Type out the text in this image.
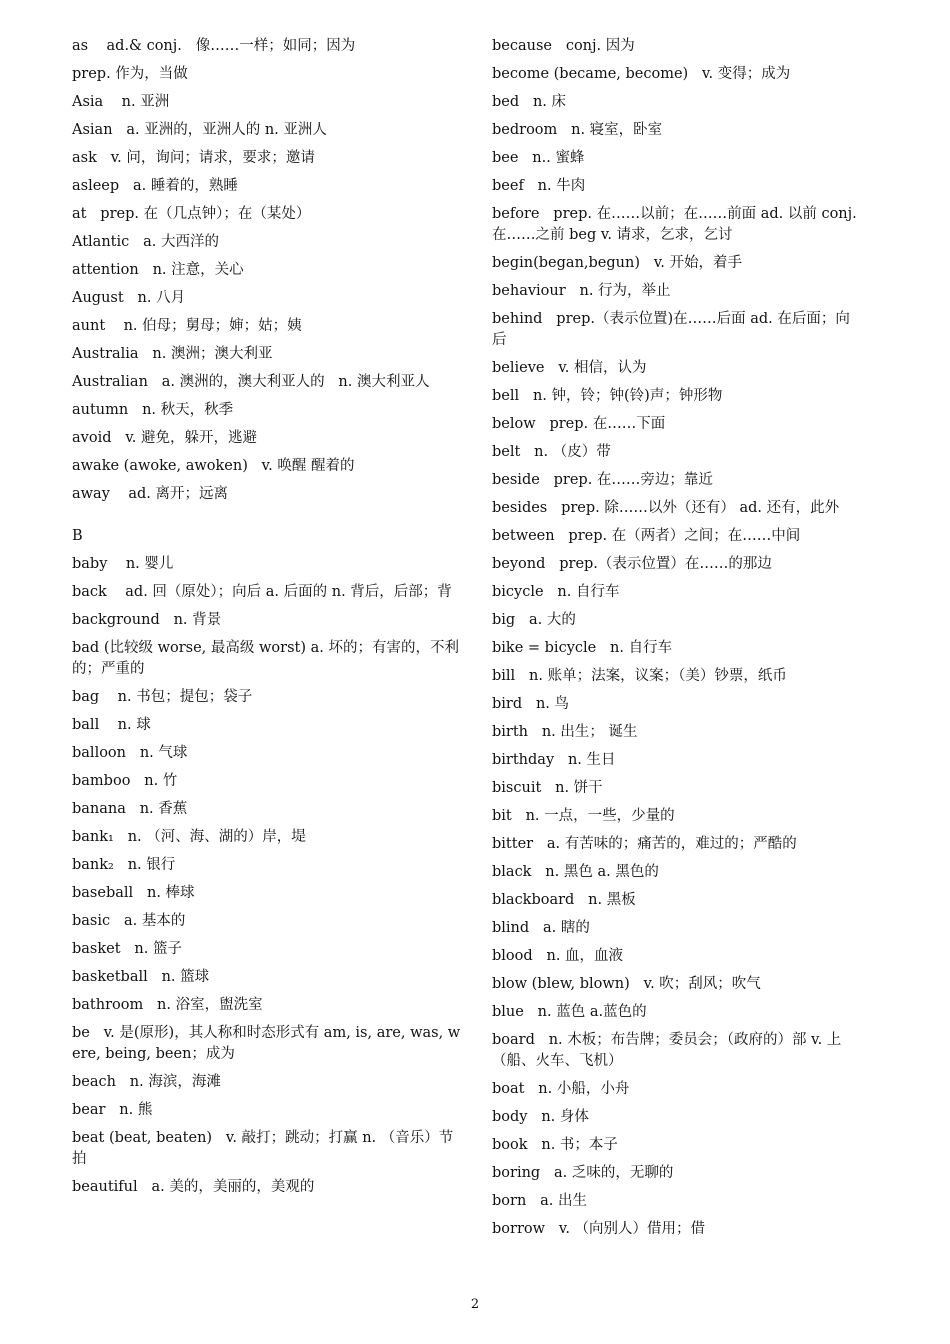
as    ad.& conj.   像……一样；如同；因为
prep. 作为，当做
Asia    n. 亚洲
Asian   a. 亚洲的，亚洲人的 n. 亚洲人
ask   v. 问，询问；请求，要求；邀请
asleep   a. 睡着的，熟睡
at   prep. 在（几点钟）；在（某处）
Atlantic   a. 大西洋的
attention   n. 注意，关心
August   n. 八月
aunt    n. 伯母；舅母；婶；姑；姨
Australia   n. 澳洲；澳大利亚
Australian   a. 澳洲的，澳大利亚人的   n. 澳大利亚人
autumn   n. 秋天，秋季
avoid   v. 避免，躲开，逃避
awake (awoke, awoken)   v. 唤醒 醒着的
away    ad. 离开；远离
B
baby    n. 婴儿
back    ad. 回（原处）；向后 a. 后面的 n. 背后，后部；背
background   n. 背景
bad (比较级 worse, 最高级 worst) a. 坏的；有害的，不利的；严重的
bag    n. 书包；提包；袋子
ball    n. 球
balloon   n. 气球
bamboo   n. 竹
banana   n. 香蕉
bank₁   n. （河、海、湖的）岸，堤
bank₂   n. 银行
baseball   n. 棒球
basic   a. 基本的
basket   n. 篮子
basketball   n. 篮球
bathroom   n. 浴室，盥洗室
be   v. 是(原形)，其人称和时态形式有 am, is, are, was, were, being, been；成为
beach   n. 海滨，海滩
bear   n. 熊
beat (beat, beaten)   v. 敲打；跳动；打赢 n. （音乐）节拍
beautiful   a. 美的，美丽的，美观的
because   conj. 因为
become (became, become)   v. 变得；成为
bed   n. 床
bedroom   n. 寝室，卧室
bee   n.. 蜜蜂
beef   n. 牛肉
before   prep. 在……以前；在……前面 ad. 以前 conj. 在……之前 beg v. 请求，乞求，乞讨
begin(began,begun)   v. 开始，着手
behaviour   n. 行为，举止
behind   prep.（表示位置)在……后面 ad. 在后面；向后
believe   v. 相信，认为
bell   n. 钟，铃；钟(铃)声；钟形物
below   prep. 在……下面
belt   n. （皮）带
beside   prep. 在……旁边；靠近
besides   prep. 除……以外（还有） ad. 还有，此外
between   prep. 在（两者）之间；在……中间
beyond   prep.（表示位置）在……的那边
bicycle   n. 自行车
big   a. 大的
bike = bicycle   n. 自行车
bill   n. 账单；法案，议案；（美）钞票，纸币
bird   n. 鸟
birth   n. 出生； 诞生
birthday   n. 生日
biscuit   n. 饼干
bit   n. 一点，一些，少量的
bitter   a. 有苦味的；痛苦的，难过的；严酷的
black   n. 黑色 a. 黑色的
blackboard   n. 黑板
blind   a. 瞎的
blood   n. 血，血液
blow (blew, blown)   v. 吹；刮风；吹气
blue   n. 蓝色 a.蓝色的
board   n. 木板；布告牌；委员会；（政府的）部 v. 上（船、火车、飞机）
boat   n. 小船，小舟
body   n. 身体
book   n. 书；本子
boring   a. 乏味的，无聊的
born   a. 出生
borrow   v. （向别人）借用；借
2
